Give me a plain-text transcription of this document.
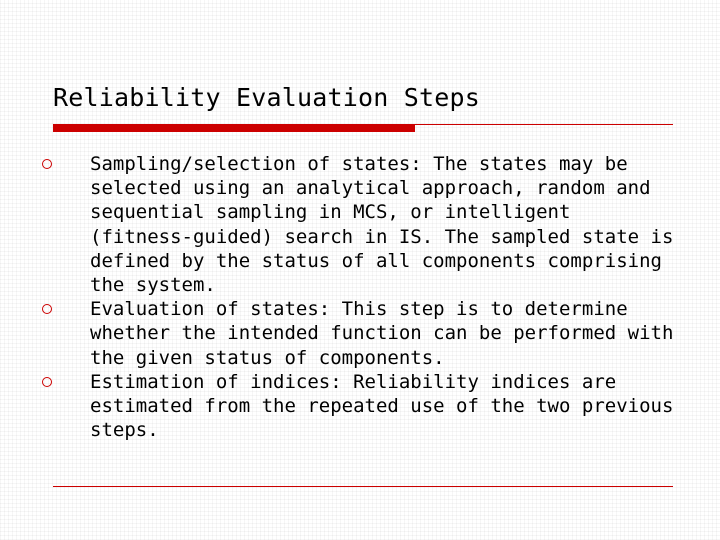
Reliability Evaluation Steps
Sampling/selection of states: The states may be selected using an analytical approach, random and sequential sampling in MCS, or intelligent (fitness-guided) search in IS. The sampled state is defined by the status of all components comprising the system.
Evaluation of states: This step is to determine whether the intended function can be performed with the given status of components.
Estimation of indices: Reliability indices are estimated from the repeated use of the two previous steps.
